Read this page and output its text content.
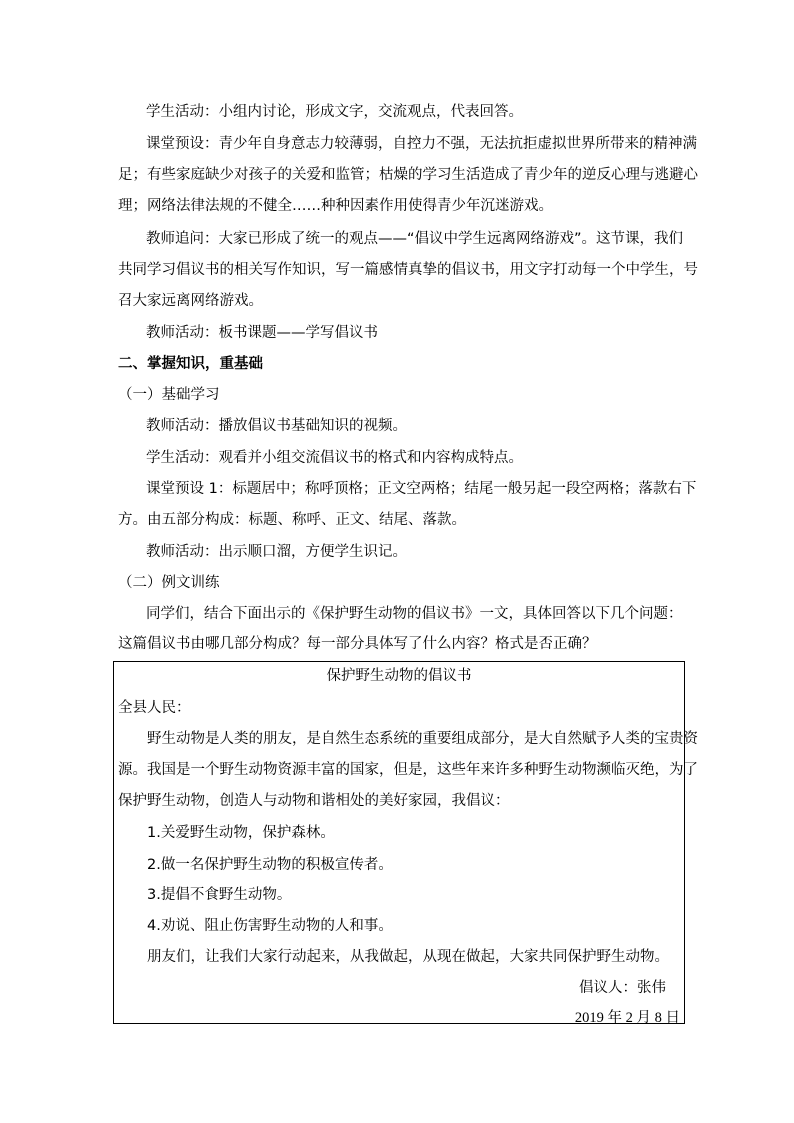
学生活动：小组内讨论，形成文字，交流观点，代表回答。
课堂预设：青少年自身意志力较薄弱，自控力不强，无法抗拒虚拟世界所带来的精神满
足；有些家庭缺少对孩子的关爱和监管；枯燥的学习生活造成了青少年的逆反心理与逃避心
理；网络法律法规的不健全……种种因素作用使得青少年沉迷游戏。
教师追问：大家已形成了统一的观点——“倡议中学生远离网络游戏”。这节课，我们
共同学习倡议书的相关写作知识，写一篇感情真挚的倡议书，用文字打动每一个中学生，号
召大家远离网络游戏。
教师活动：板书课题——学写倡议书
二、掌握知识，重基础
（一）基础学习
教师活动：播放倡议书基础知识的视频。
学生活动：观看并小组交流倡议书的格式和内容构成特点。
课堂预设 1：标题居中；称呼顶格；正文空两格；结尾一般另起一段空两格；落款右下
方。由五部分构成：标题、称呼、正文、结尾、落款。
教师活动：出示顺口溜，方便学生识记。
（二）例文训练
同学们，结合下面出示的《保护野生动物的倡议书》一文，具体回答以下几个问题：
这篇倡议书由哪几部分构成？每一部分具体写了什么内容？格式是否正确？
保护野生动物的倡议书
全县人民：
野生动物是人类的朋友，是自然生态系统的重要组成部分，是大自然赋予人类的宝贵资
源。我国是一个野生动物资源丰富的国家，但是，这些年来许多种野生动物濒临灭绝，为了
保护野生动物，创造人与动物和谐相处的美好家园，我倡议：
1.关爱野生动物，保护森林。
2.做一名保护野生动物的积极宣传者。
3.提倡不食野生动物。
4.劝说、阻止伤害野生动物的人和事。
朋友们，让我们大家行动起来，从我做起，从现在做起，大家共同保护野生动物。
倡议人：张伟
2019 年 2 月 8 日
